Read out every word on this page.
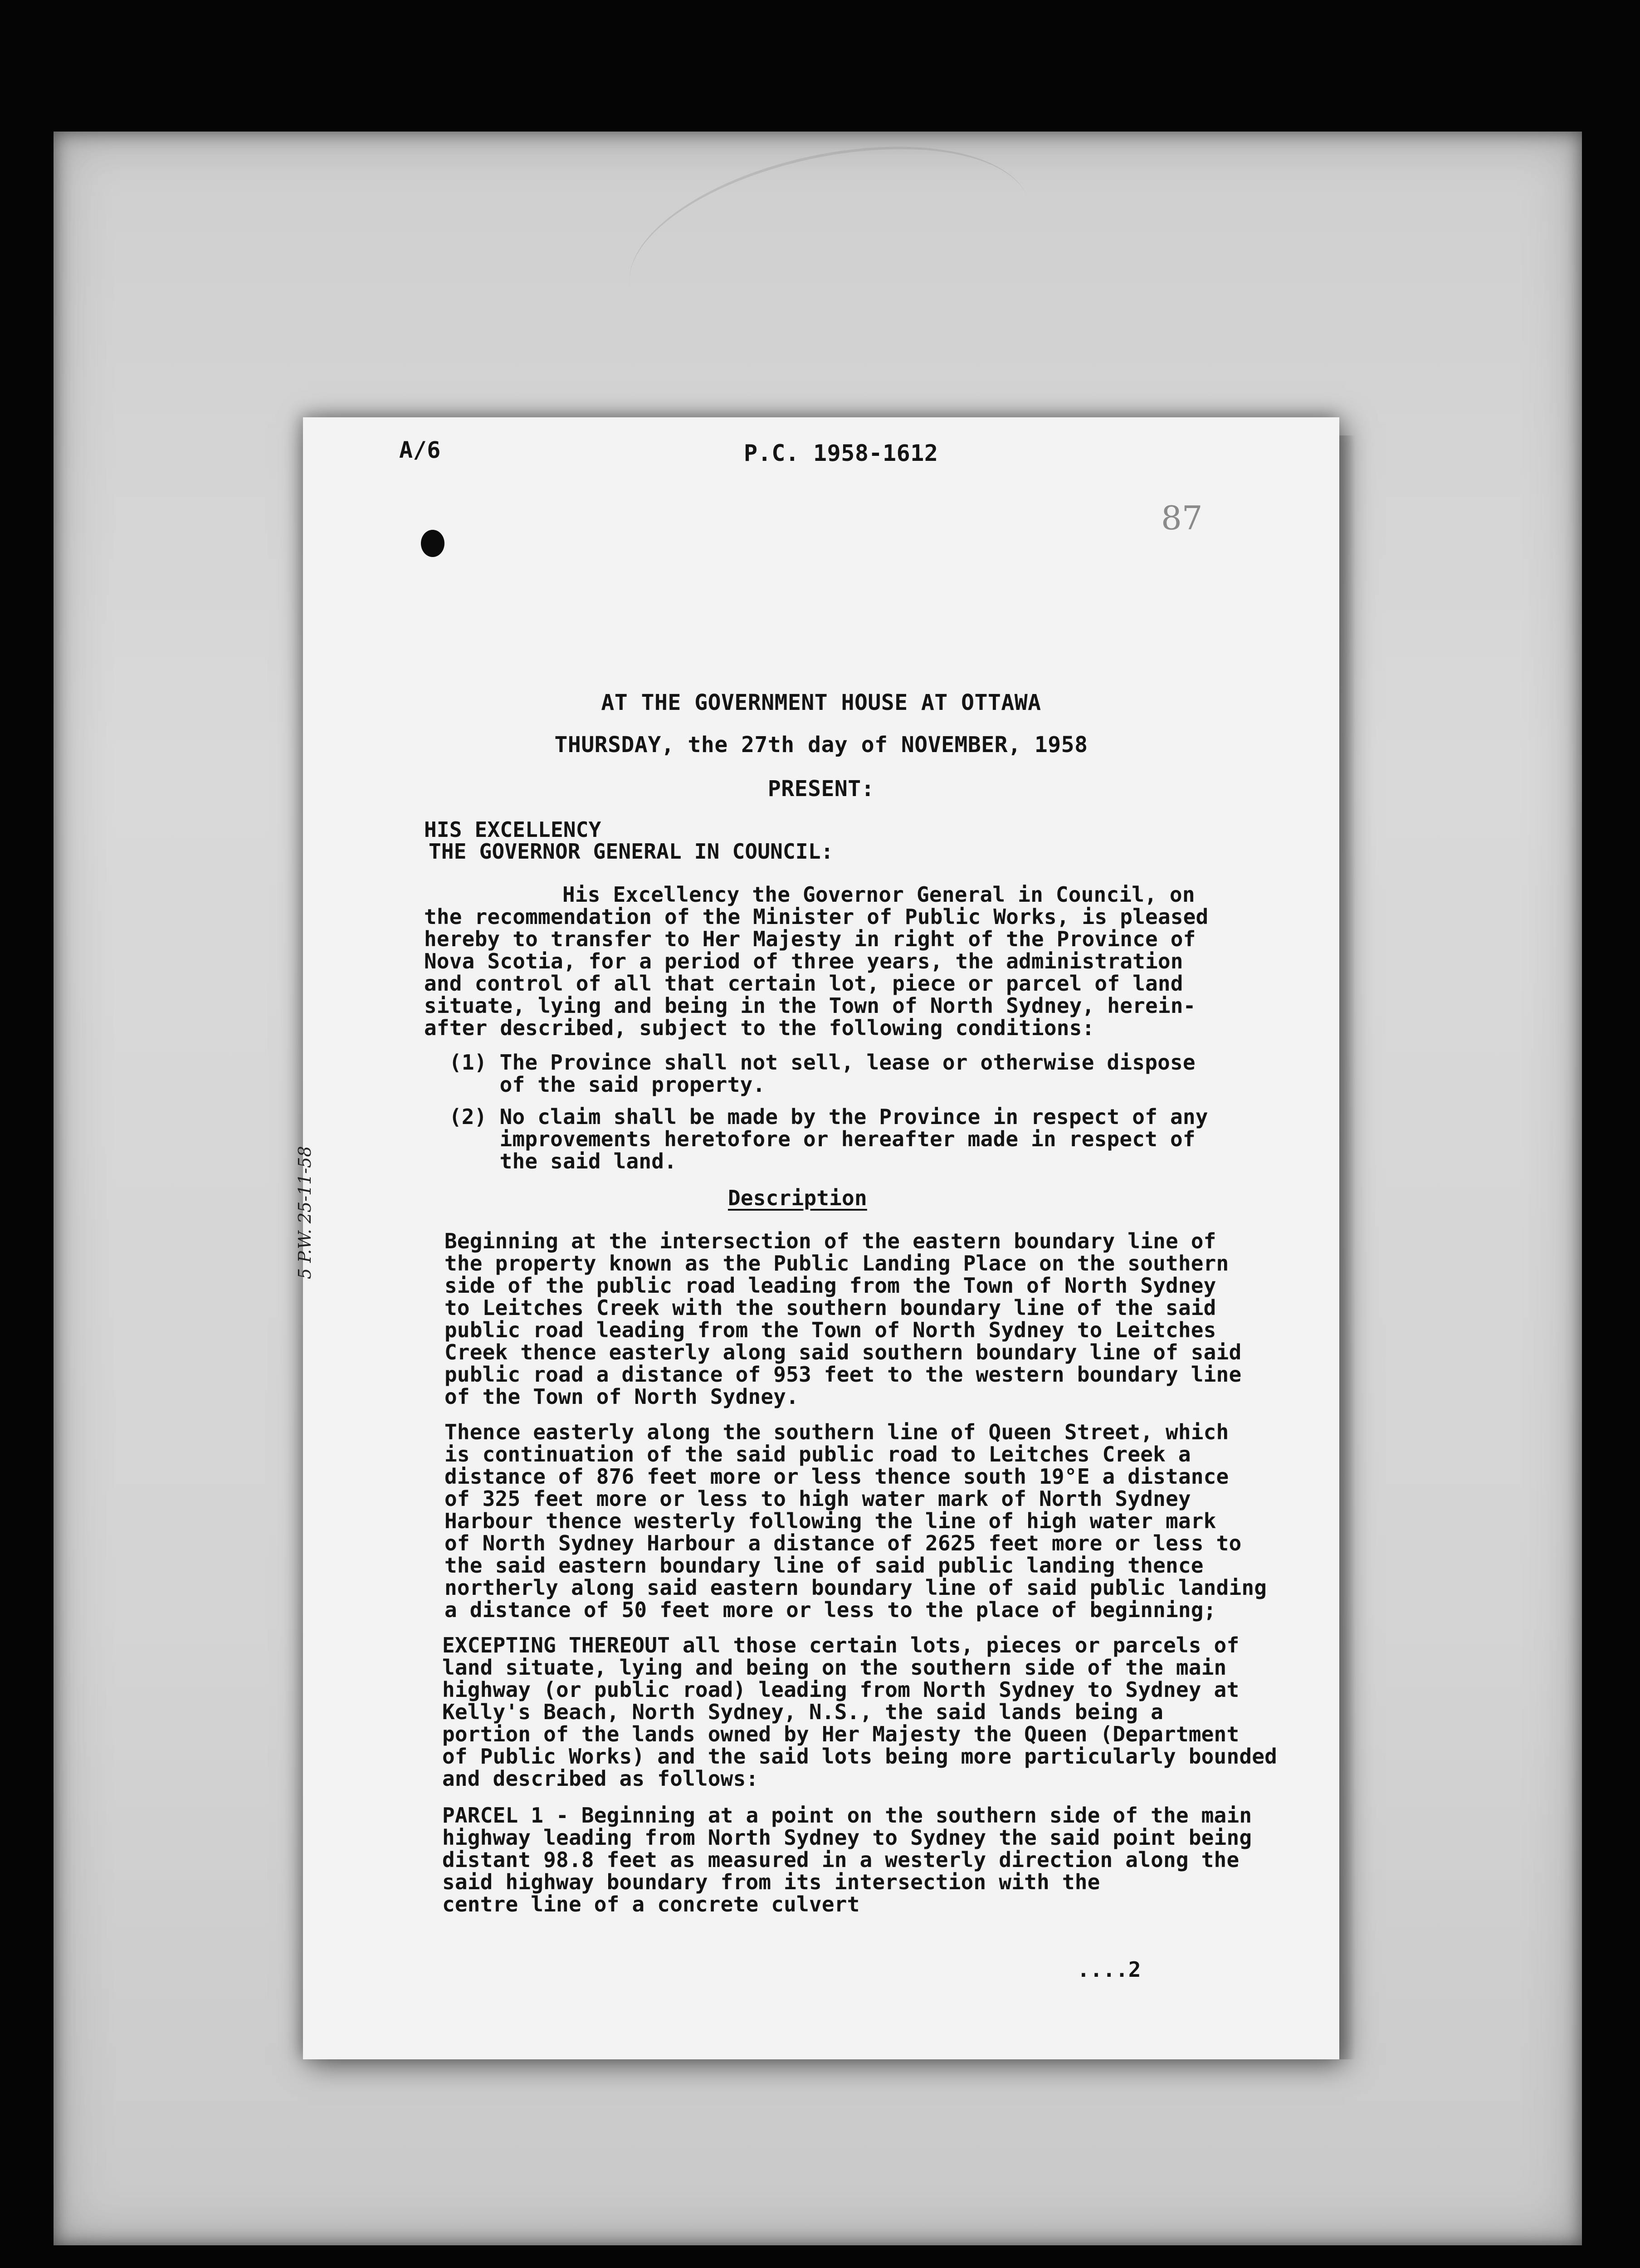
A/6	P.C. 1958-1612
87
AT THE GOVERNMENT HOUSE AT OTTAWA
THURSDAY, the 27th day of NOVEMBER, 1958
PRESENT:
HIS EXCELLENCY
THE GOVERNOR GENERAL IN COUNCIL:
His Excellency the Governor General in Council, on
the recommendation of the Minister of Public Works, is pleased
hereby to transfer to Her Majesty in right of the Province of
Nova Scotia, for a period of three years, the administration
and control of all that certain lot, piece or parcel of land
situate, lying and being in the Town of North Sydney, herein-
after described, subject to the following conditions:
(1) The Province shall not sell, lease or otherwise dispose
of the said property.
(2) No claim shall be made by the Province in respect of any
improvements heretofore or hereafter made in respect of
the said land.
Description
Beginning at the intersection of the eastern boundary line of
the property known as the Public Landing Place on the southern
side of the public road leading from the Town of North Sydney
to Leitches Creek with the southern boundary line of the said
public road leading from the Town of North Sydney to Leitches
Creek thence easterly along said southern boundary line of said
public road a distance of 953 feet to the western boundary line
of the Town of North Sydney.
Thence easterly along the southern line of Queen Street, which
is continuation of the said public road to Leitches Creek a
distance of 876 feet more or less thence south 19°E a distance
of 325 feet more or less to high water mark of North Sydney
Harbour thence westerly following the line of high water mark
of North Sydney Harbour a distance of 2625 feet more or less to
the said eastern boundary line of said public landing thence
northerly along said eastern boundary line of said public landing
a distance of 50 feet more or less to the place of beginning;
EXCEPTING THEREOUT all those certain lots, pieces or parcels of
land situate, lying and being on the southern side of the main
highway (or public road) leading from North Sydney to Sydney at
Kelly's Beach, North Sydney, N.S., the said lands being a
portion of the lands owned by Her Majesty the Queen (Department
of Public Works) and the said lots being more particularly bounded
and described as follows:
PARCEL 1 - Beginning at a point on the southern side of the main
highway leading from North Sydney to Sydney the said point being
distant 98.8 feet as measured in a westerly direction along the
said highway boundary from its intersection with the
centre line of a concrete culvert
5 P.W. 25-11-58
....2
